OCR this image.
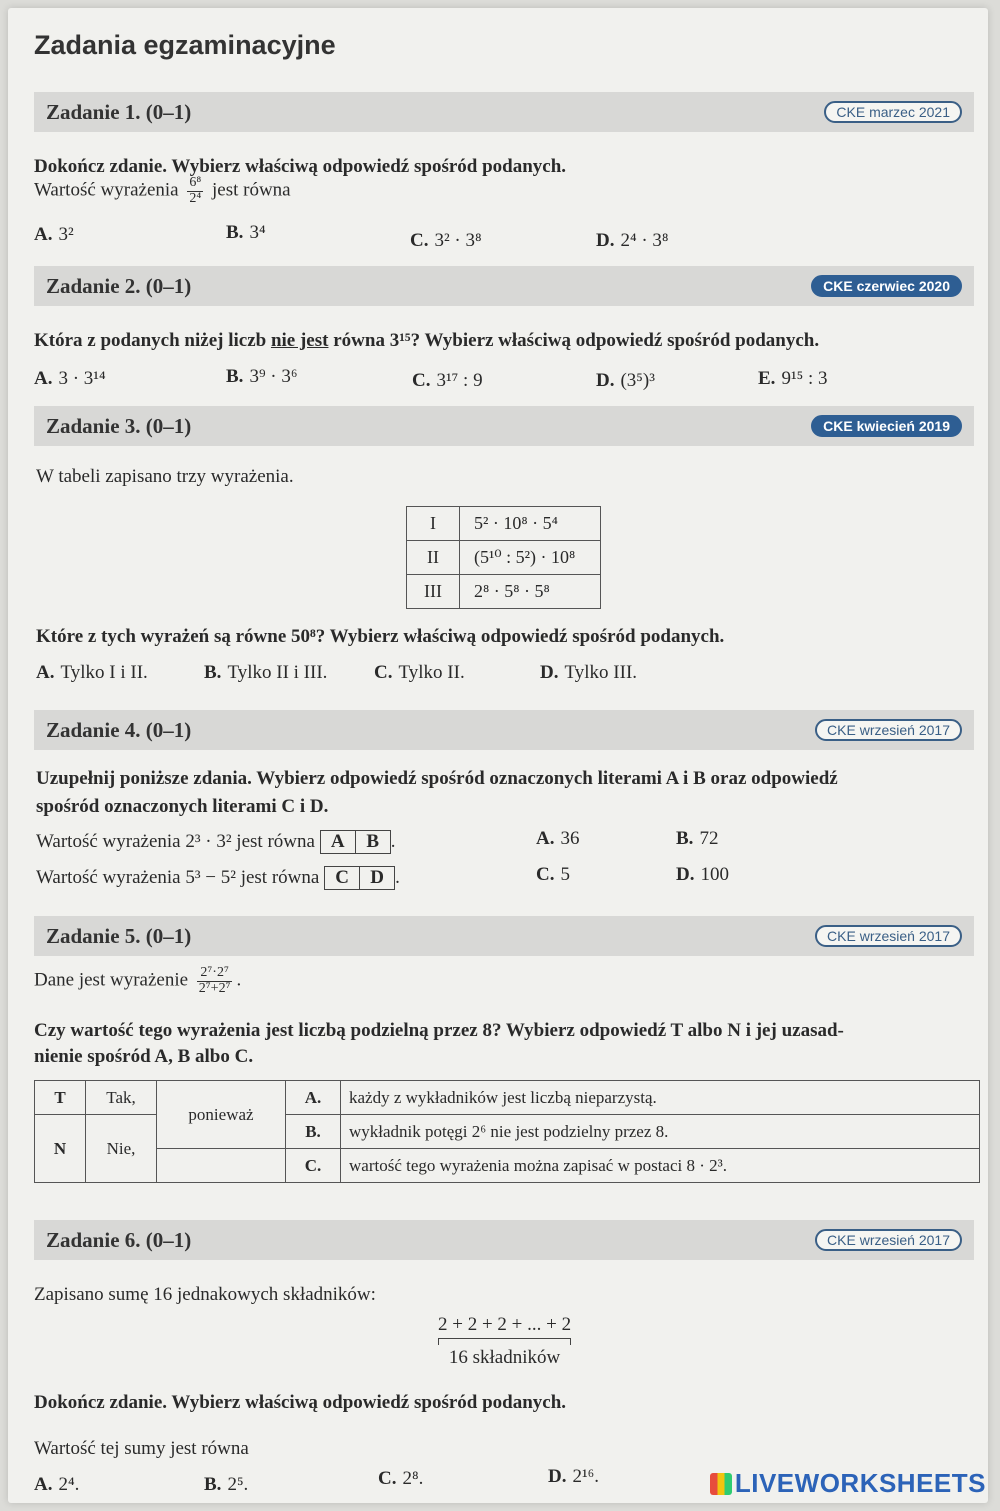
Zadania egzaminacyjne
Zadanie 1. (0–1)	CKE marzec 2021
Dokończ zdanie. Wybierz właściwą odpowiedź spośród podanych.
Wartość wyrażenia $\frac{\text{6⁸}}{\text{2⁴}}$ jest równa
A. 3²	B. 3⁴	C. 3² · 3⁸	D. 2⁴ · 3⁸
Zadanie 2. (0–1)	CKE czerwiec 2020
Która z podanych niżej liczb nie jest równa 3¹⁵? Wybierz właściwą odpowiedź spośród podanych.
A. 3 · 3¹⁴	B. 3⁹ · 3⁶	C. 3¹⁷ : 9	D. (3⁵)³	E. 9¹⁵ : 3
Zadanie 3. (0–1)	CKE kwiecień 2019
W tabeli zapisano trzy wyrażenia.
I	5² · 10⁸ · 5⁴
II	(5¹⁰ : 5²) · 10⁸
III	2⁸ · 5⁸ · 5⁸
Które z tych wyrażeń są równe 50⁸? Wybierz właściwą odpowiedź spośród podanych.
A. Tylko I i II.	B. Tylko II i III. C. Tylko II.	D. Tylko III.
Zadanie 4. (0–1)	CKE wrzesień 2017
Uzupełnij poniższe zdania. Wybierz odpowiedź spośród oznaczonych literami A i B oraz odpowiedź
spośród oznaczonych literami C i D.
Wartość wyrażenia 2³ · 3² jest równa A B .
Wartość wyrażenia 5³ − 5² jest równa C D .
A. 36	B. 72
C. 5	D. 100
Zadanie 5. (0–1)	CKE wrzesień 2017
Dane jest wyrażenie $\frac{\text{2⁷·2⁷}}{\text{2⁷+2⁷}}$ .
Czy wartość tego wyrażenia jest liczbą podzielną przez 8? Wybierz odpowiedź T albo N i jej uzasad-
nienie spośród A, B albo C.
T	Tak,	ponieważ	A.	każdy z wykładników jest liczbą nieparzystą.
N	Nie,		B.	wykładnik potęgi 2⁶ nie jest podzielny przez 8.
			C.	wartość tego wyrażenia można zapisać w postaci 8 · 2³.
Zadanie 6. (0–1)	CKE wrzesień 2017
Zapisano sumę 16 jednakowych składników:
2 + 2 + 2 + ... + 2
16 składników
Dokończ zdanie. Wybierz właściwą odpowiedź spośród podanych.
Wartość tej sumy jest równa
A. 2⁴.	B. 2⁵.	C. 2⁸.	D. 2¹⁶.	LIVEWORKSHEETS
